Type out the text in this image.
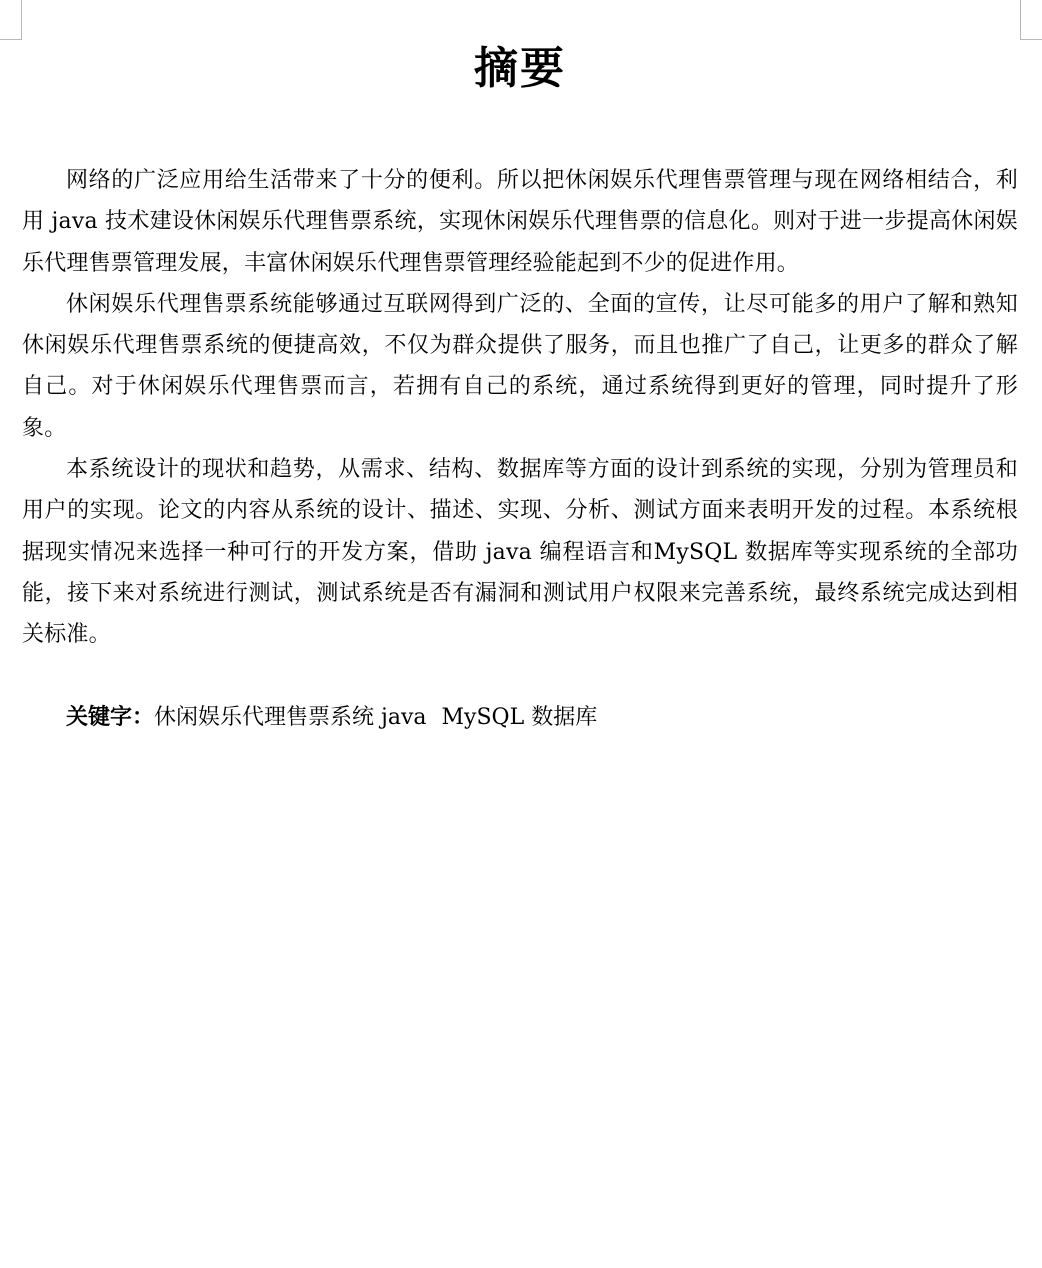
摘要

网络的广泛应用给生活带来了十分的便利。所以把休闲娱乐代理售票管理与现在网络相结合，利用 java 技术建设休闲娱乐代理售票系统，实现休闲娱乐代理售票的信息化。则对于进一步提高休闲娱乐代理售票管理发展，丰富休闲娱乐代理售票管理经验能起到不少的促进作用。

休闲娱乐代理售票系统能够通过互联网得到广泛的、全面的宣传，让尽可能多的用户了解和熟知休闲娱乐代理售票系统的便捷高效，不仅为群众提供了服务，而且也推广了自己，让更多的群众了解自己。对于休闲娱乐代理售票而言，若拥有自己的系统，通过系统得到更好的管理，同时提升了形象。

本系统设计的现状和趋势，从需求、结构、数据库等方面的设计到系统的实现，分别为管理员和用户的实现。论文的内容从系统的设计、描述、实现、分析、测试方面来表明开发的过程。本系统根据现实情况来选择一种可行的开发方案，借助 java 编程语言和MySQL 数据库等实现系统的全部功能，接下来对系统进行测试，测试系统是否有漏洞和测试用户权限来完善系统，最终系统完成达到相关标准。

关键字：休闲娱乐代理售票系统 java MySQL 数据库
